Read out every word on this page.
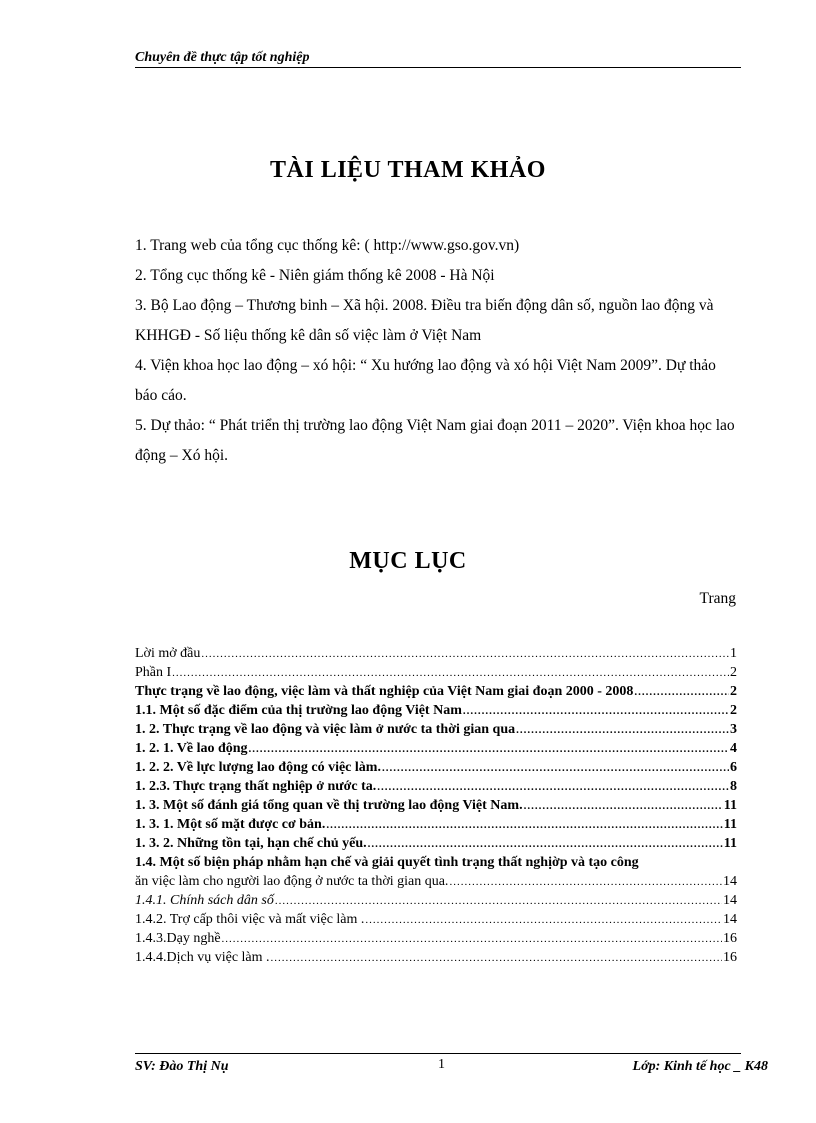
Chuyên đề thực tập tốt nghiệp
TÀI LIỆU THAM KHẢO

1. Trang web của tổng cục thống kê: ( http://www.gso.gov.vn)

2. Tổng cục thống kê - Niên giám thống kê 2008 - Hà Nội

3. Bộ Lao động – Thương binh – Xã hội. 2008. Điều tra biến động dân số, nguồn lao động và KHHGĐ - Số liệu thống kê dân số việc làm ở Việt Nam

4. Viện khoa học lao động – xó hội: “ Xu hướng lao động và xó hội Việt Nam 2009”. Dự thảo báo cáo.

5. Dự thảo: “ Phát triển thị trường lao động Việt Nam giai đoạn 2011 – 2020”. Viện khoa học lao động – Xó hội.

MỤC LỤC
Trang
Lời mở đầu .....	1
Phần I .....	2
Thực trạng về lao động, việc làm và thất nghiệp của Việt Nam giai đoạn 2000 - 2008 .....	2
1.1. Một số đặc điểm của thị trường lao động Việt Nam .....	2
1. 2. Thực trạng về lao động và việc làm ở nước ta thời gian qua .....	3
1. 2. 1. Về lao động .....	4
1. 2. 2. Về lực lượng lao động có việc làm. .....	6
1. 2.3. Thực trạng thất nghiệp ở nước ta. .....	8
1. 3. Một số đánh giá tổng quan về thị trường lao động Việt Nam. .....	11
1. 3. 1. Một số mặt được cơ bản. .....	11
1. 3. 2. Những tồn tại, hạn chế chủ yếu. .....	11
1.4. Một số biện pháp nhằm hạn chế và giải quyết tình trạng thất nghịờp và tạo công
ăn việc làm cho người lao động ở nước ta thời gian qua. .....	14
1.4.1. Chính sách dân số .....	14
1.4.2. Trợ cấp thôi việc và mất việc làm . .....	14
1.4.3.Dạy nghề .....	16
1.4.4.Dịch vụ việc làm . .....	16
SV: Đào Thị Nụ	1	Lớp: Kinh tế học _ K48
